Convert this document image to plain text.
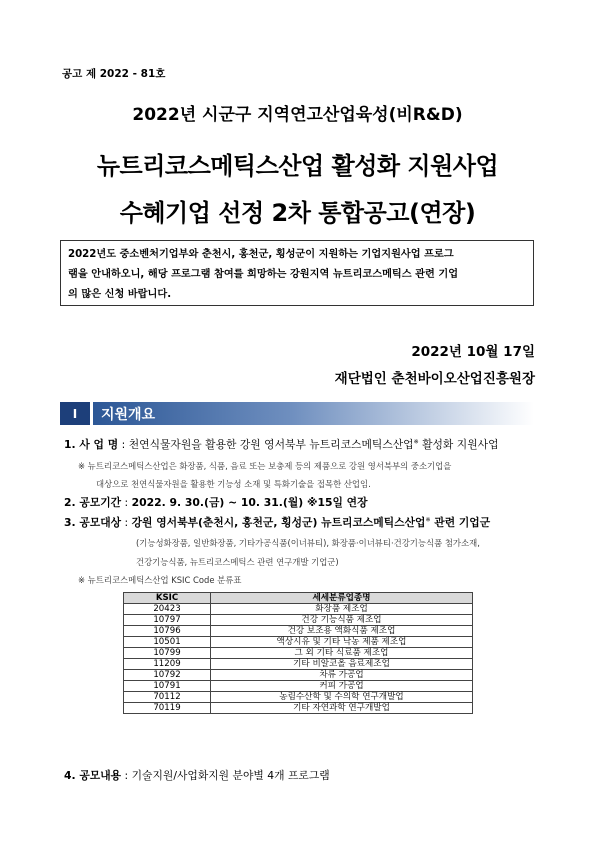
공고 제 2022 - 81호
2022년 시군구 지역연고산업육성(비R&D)
뉴트리코스메틱스산업 활성화 지원사업
수혜기업 선정 2차 통합공고(연장)
2022년도 중소벤처기업부와 춘천시, 홍천군, 횡성군이 지원하는 기업지원사업 프로그
램을 안내하오니, 해당 프로그램 참여를 희망하는 강원지역 뉴트리코스메틱스 관련 기업
의 많은 신청 바랍니다.
2022년 10월 17일
재단법인 춘천바이오산업진흥원장
Ⅰ	지원개요
1. 사 업 명 : 천연식물자원을 활용한 강원 영서북부 뉴트리코스메틱스산업※ 활성화 지원사업
※ 뉴트리코스메틱스산업은 화장품, 식품, 음료 또는 보충제 등의 제품으로 강원 영서북부의 중소기업을
대상으로 천연식물자원을 활용한 기능성 소재 및 특화기술을 접목한 산업임.
2. 공모기간 : 2022. 9. 30.(금) ~ 10. 31.(월) ※15일 연장
3. 공모대상 : 강원 영서북부(춘천시, 홍천군, 횡성군) 뉴트리코스메틱스산업※ 관련 기업군
(기능성화장품, 일반화장품, 기타가공식품(이너뷰티), 화장품·이너뷰티·건강기능식품 첨가소재,
건강기능식품, 뉴트리코스메틱스 관련 연구개발 기업군)
※ 뉴트리코스메틱스산업 KSIC Code 분류표
KSIC	세세분류업종명
20423	화장품 제조업
10797	건강 기능식품 제조업
10796	건강 보조용 액화식품 제조업
10501	액상시유 및 기타 낙농 제품 제조업
10799	그 외 기타 식료품 제조업
11209	기타 비알코올 음료제조업
10792	차류 가공업
10791	커피 가공업
70112	농림수산학 및 수의학 연구개발업
70119	기타 자연과학 연구개발업
4. 공모내용 : 기술지원/사업화지원 분야별 4개 프로그램
